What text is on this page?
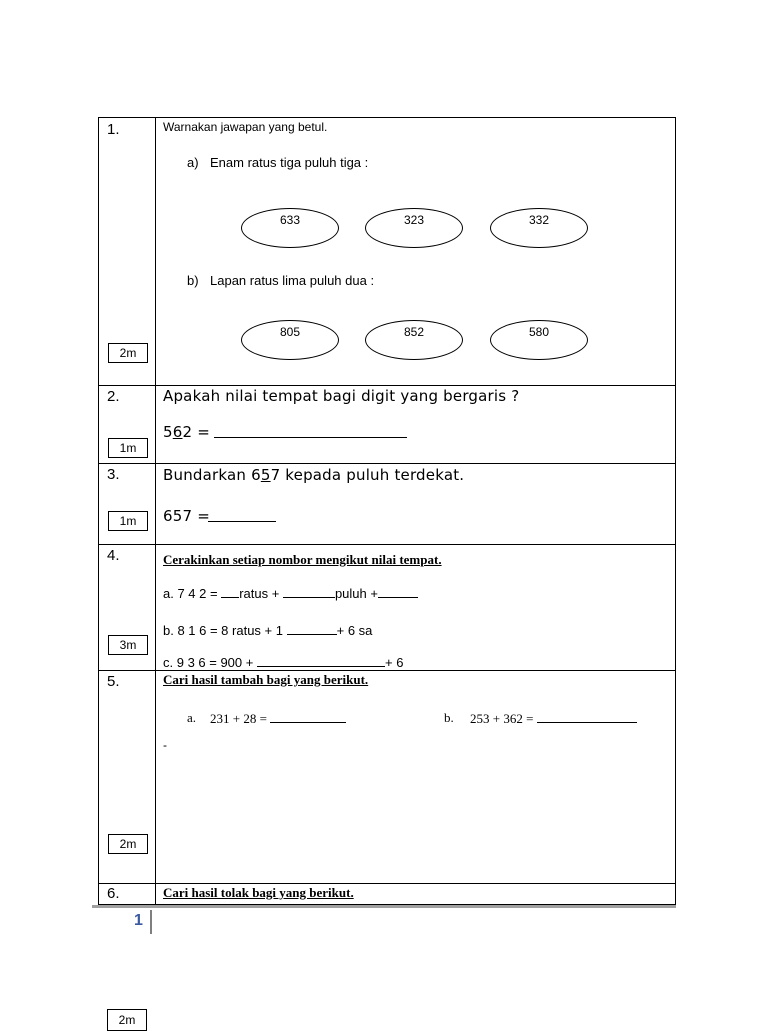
1.
2m
Warnakan jawapan yang betul.
a) Enam ratus tiga puluh tiga :
633	323	332
b) Lapan ratus lima puluh dua :
805	852	580
2.
1m
Apakah nilai tempat bagi digit yang bergaris ?
562 =
3.
1m
Bundarkan 657 kepada puluh terdekat.
657 =
4.
3m
Cerakinkan setiap nombor mengikut nilai tempat.
a. 7 4 2 = ratus +	puluh +
b. 8 1 6 = 8 ratus + 1	+ 6 sa
c. 9 3 6 = 900 +	+ 6
5.
2m
Cari hasil tambah bagi yang berikut.
a. 231 + 28 =	b. 253 + 362 =
-
6.	Cari hasil tolak bagi yang berikut.
1
2m
